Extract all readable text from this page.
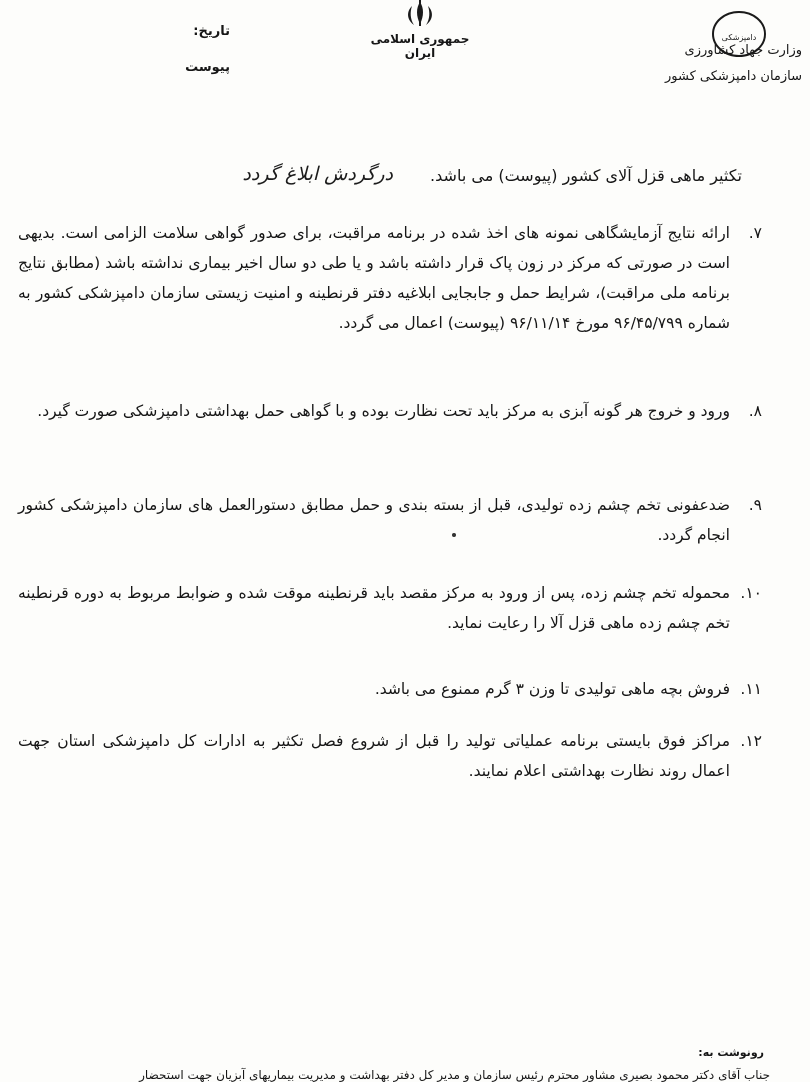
تاریخ:
پیوست
جمهوری اسلامی ایران
دامپزشکی
وزارت جهاد کشاورزی
سازمان دامپزشکی کشور
تکثیر ماهی قزل آلای کشور (پیوست) می باشد.
درگردش ابلاغ گردد
۷.
ارائه نتایج آزمایشگاهی نمونه های اخذ شده در برنامه مراقبت، برای صدور گواهی سلامت الزامی است. بدیهی است در صورتی که مرکز در زون پاک قرار داشته باشد و یا طی دو سال اخیر بیماری نداشته باشد (مطابق نتایج برنامه ملی مراقبت)، شرایط حمل و جابجایی ابلاغیه دفتر قرنطینه و امنیت زیستی سازمان دامپزشکی کشور به شماره ۹۶/۴۵/۷۹۹ مورخ ۹۶/۱۱/۱۴ (پیوست) اعمال می گردد.
۸.
ورود و خروج هر گونه آبزی به مرکز باید تحت نظارت بوده و با گواهی حمل بهداشتی دامپزشکی صورت گیرد.
۹.
ضدعفونی تخم چشم زده تولیدی، قبل از بسته بندی و حمل مطابق دستورالعمل های سازمان دامپزشکی کشور انجام گردد.
۱۰.
محموله تخم چشم زده، پس از ورود به مرکز مقصد باید قرنطینه موقت شده و ضوابط مربوط به دوره قرنطینه تخم چشم زده ماهی قزل آلا را رعایت نماید.
۱۱.
فروش بچه ماهی تولیدی تا وزن ۳ گرم ممنوع می باشد.
۱۲.
مراکز فوق بایستی برنامه عملیاتی تولید را قبل از شروع فصل تکثیر به ادارات کل دامپزشکی استان جهت اعمال روند نظارت بهداشتی اعلام نمایند.
رونوشت به:
جناب آقای دکتر محمود بصیری مشاور محترم رئیس سازمان و مدیر کل دفتر بهداشت و مدیریت بیماریهای آبزیان جهت استحضار
